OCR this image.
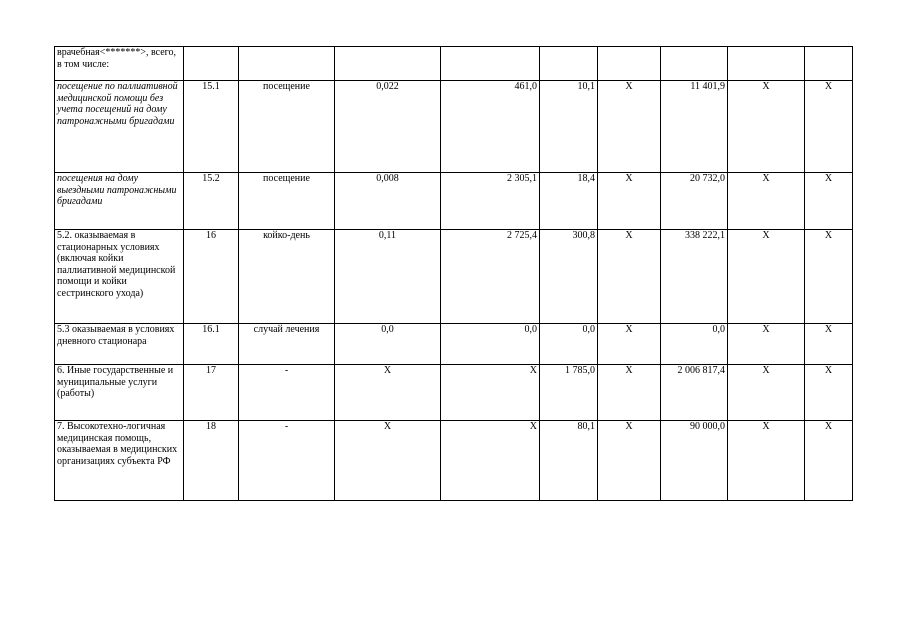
врачебная<*******>, всего, в том числе:									
посещение по паллиативной медицинской помощи без учета посещений на дому патронажными бригадами	15.1	посещение	0,022	461,0	10,1	X	11 401,9	X	X
посещения на дому выездными патронажными бригадами	15.2	посещение	0,008	2 305,1	18,4	X	20 732,0	X	X
5.2. оказываемая в стационарных условиях (включая койки паллиативной медицинской помощи и койки сестринского ухода)	16	койко-день	0,11	2 725,4	300,8	X	338 222,1	X	X
5.3 оказываемая в условиях дневного стационара	16.1	случай лечения	0,0	0,0	0,0	X	0,0	X	X
6. Иные государственные и муниципальные услуги (работы)	17	-	X	X	1 785,0	X	2 006 817,4	X	X
7. Высокотехно-логичная медицинская помощь, оказываемая в медицинских организациях субъекта РФ	18	-	X	X	80,1	X	90 000,0	X	X
